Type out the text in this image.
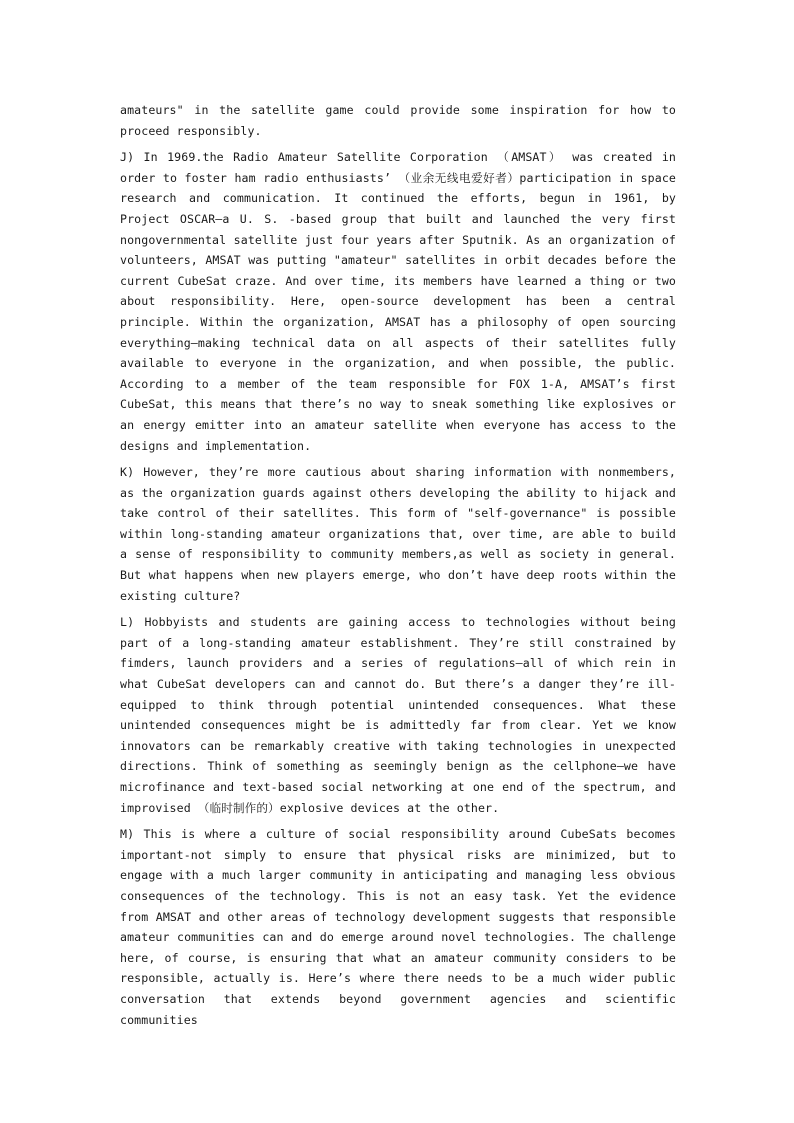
amateurs" in the satellite game could provide some inspiration for how to proceed responsibly.

J) In 1969.the Radio Amateur Satellite Corporation （AMSAT） was created in order to foster ham radio enthusiasts’ （业余无线电爱好者）participation in space research and communication. It continued the efforts, begun in 1961, by Project OSCAR—a U. S. -based group that built and launched the very first nongovernmental satellite just four years after Sputnik. As an organization of volunteers, AMSAT was putting "amateur" satellites in orbit decades before the current CubeSat craze. And over time, its members have learned a thing or two about responsibility. Here, open-source development has been a central principle. Within the organization, AMSAT has a philosophy of open sourcing everything—making technical data on all aspects of their satellites fully available to everyone in the organization, and when possible, the public. According to a member of the team responsible for FOX 1-A, AMSAT’s first CubeSat, this means that there’s no way to sneak something like explosives or an energy emitter into an amateur satellite when everyone has access to the designs and implementation.

K) However, they’re more cautious about sharing information with nonmembers, as the organization guards against others developing the ability to hijack and take control of their satellites. This form of "self-governance" is possible within long-standing amateur organizations that, over time, are able to build a sense of responsibility to community members,as well as society in general. But what happens when new players emerge, who don’t have deep roots within the existing culture?

L) Hobbyists and students are gaining access to technologies without being part of a long-standing amateur establishment. They’re still constrained by fimders, launch providers and a series of regulations—all of which rein in what CubeSat developers can and cannot do. But there’s a danger they’re ill-equipped to think through potential unintended consequences. What these unintended consequences might be is admittedly far from clear. Yet we know innovators can be remarkably creative with taking technologies in unexpected directions. Think of something as seemingly benign as the cellphone—we have microfinance and text-based social networking at one end of the spectrum, and improvised （临时制作的）explosive devices at the other.

M) This is where a culture of social responsibility around CubeSats becomes important-not simply to ensure that physical risks are minimized, but to engage with a much larger community in anticipating and managing less obvious consequences of the technology. This is not an easy task. Yet the evidence from AMSAT and other areas of technology development suggests that responsible amateur communities can and do emerge around novel technologies. The challenge here, of course, is ensuring that what an amateur community considers to be responsible, actually is. Here’s where there needs to be a much wider public conversation that extends beyond government agencies and scientific communities
